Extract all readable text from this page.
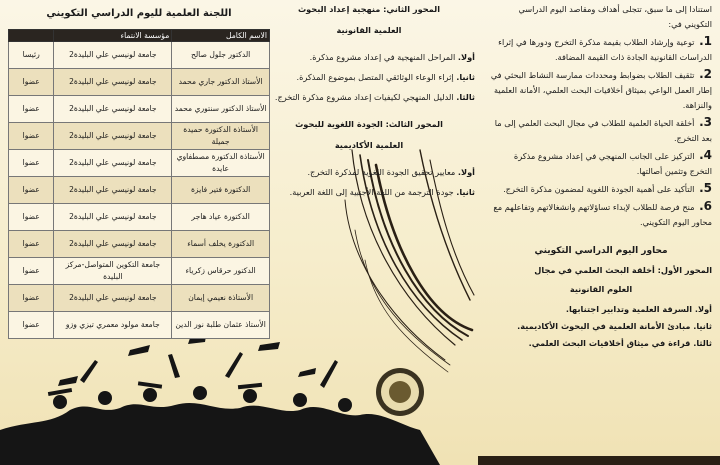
استنادا إلى ما سبق، تتجلى أهداف ومقاصد اليوم الدراسي التكويني في:

1. توعية وإرشاد الطلاب بقيمة مذكرة التخرج ودورها في إثراء الدراسات القانونية الجادة ذات القيمة المضافة.

2. تثقيف الطلاب بضوابط ومحددات ممارسة النشاط البحثي في إطار العمل الواعي بميثاق أخلاقيات البحث العلمي، الأمانة العلمية والنزاهة.

3. أخلقة الحياة العلمية للطلاب في مجال البحث العلمي إلى ما بعد التخرج.

4. التركيز على الجانب المنهجي في إعداد مشروع مذكرة التخرج وتثمين أصالتها.

5. التأكيد على أهمية الجودة اللغوية لمضمون مذكرة التخرج.

6. منح فرصة للطلاب لإبداء تساؤلاتهم وانشغالاتهم وتفاعلهم مع محاور اليوم التكويني.

محاور اليوم الدراسي التكويني
المحور الأول: أخلقة البحث العلمي في مجال
العلوم القانونية

أولا. السرقة العلمية وتدابير اجتنابها.

ثانيا. مبادئ الأمانة العلمية في البحوث الأكاديمية.

ثالثا. قراءة في ميثاق أخلاقيات البحث العلمي.

المحور الثاني: منهجية إعداد البحوث
العلمية القانونية

أولا. المراحل المنهجية في إعداد مشروع مذكرة.

ثانيا. إثراء الوعاء الوثائقي المتصل بموضوع المذكرة.

ثالثا. الدليل المنهجي لكيفيات إعداد مشروع مذكرة التخرج.

المحور الثالث: الجودة اللغوية للبحوث
العلمية الأكاديمية

أولا. معايير تحقيق الجودة اللغوية لمذكرة التخرج.

ثانيا. جودة الترجمة من اللغة الأجنبية إلى اللغة العربية.

اللجنة العلمية لليوم الدراسي التكويني
الاسم الكامل	مؤسسة الانتماء	
الدكتور جلول صالح	جامعة لونيسي علي البليدة2	رئيسا
الأستاذ الدكتور جاري محمد	جامعة لونيسي علي البليدة2	عضوا
الأستاذ الدكتور سنتوري محمد	جامعة لونيسي علي البليدة2	عضوا
الأستاذة الدكتورة حميدة جميلة	جامعة لونيسي علي البليدة2	عضوا
الأستاذة الدكتورة مصطفاوي عايدة	جامعة لونيسي علي البليدة2	عضوا
الدكتورة فتير فايزة	جامعة لونيسي علي البليدة2	عضوا
الدكتورة عياد هاجر	جامعة لونيسي علي البليدة2	عضوا
الدكتورة يخلف أسماء	جامعة لونيسي علي البليدة2	عضوا
الدكتور حرقاس زكرياء	جامعة التكوين المتواصل-مركز البليدة	عضوا
الأستاذة نعيمي إيمان	جامعة لونيسي علي البليدة2	عضوا
الأستاذ عثمان طلبة نور الدين	جامعة مولود معمري تيزي وزو	عضوا
